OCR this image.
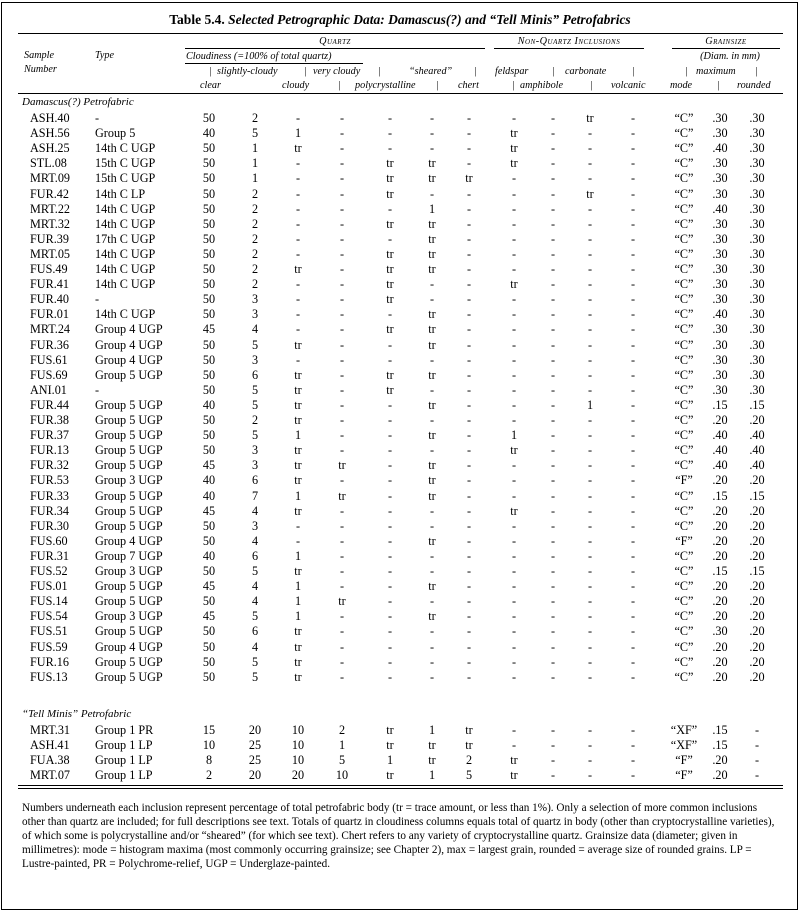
Table 5.4. Selected Petrographic Data: Damascus(?) and “Tell Minis” Petrofabrics
Sample
Number
Type
Quartz	Non-Quartz Inclusions	Grainsize
Cloudiness (=100% of total quartz)	(Diam. in mm)
| slightly-cloudy	| very cloudy |	“sheared” | feldspar | carbonate	|	| maximum |
clear	cloudy	| polycrystalline | chert	| amphibole	| volcanic mode | rounded
Damascus(?) Petrofabric
ASH.40	-	50	2	-	-	-	-	-	-	-	tr	-	“C”	.30	.30
ASH.56	Group 5	40	5	1	-	-	-	-	tr	-	-	-	“C”	.30	.30
ASH.25	14th C UGP	50	1	tr	-	-	-	-	tr	-	-	-	“C”	.40	.30
STL.08	15th C UGP	50	1	-	-	tr	tr	-	tr	-	-	-	“C”	.30	.30
MRT.09	15th C UGP	50	1	-	-	tr	tr	tr	-	-	-	-	“C”	.30	.30
FUR.42	14th C LP	50	2	-	-	tr	-	-	-	-	tr	-	“C”	.30	.30
MRT.22	14th C UGP	50	2	-	-	-	1	-	-	-	-	-	“C”	.40	.30
MRT.32	14th C UGP	50	2	-	-	tr	tr	-	-	-	-	-	“C”	.30	.30
FUR.39	17th C UGP	50	2	-	-	-	tr	-	-	-	-	-	“C”	.30	.30
MRT.05	14th C UGP	50	2	-	-	tr	tr	-	-	-	-	-	“C”	.30	.30
FUS.49	14th C UGP	50	2	tr	-	tr	tr	-	-	-	-	-	“C”	.30	.30
FUR.41	14th C UGP	50	2	-	-	tr	-	-	tr	-	-	-	“C”	.30	.30
FUR.40	-	50	3	-	-	tr	-	-	-	-	-	-	“C”	.30	.30
FUR.01	14th C UGP	50	3	-	-	-	tr	-	-	-	-	-	“C”	.40	.30
MRT.24	Group 4 UGP	45	4	-	-	tr	tr	-	-	-	-	-	“C”	.30	.30
FUR.36	Group 4 UGP	50	5	tr	-	-	tr	-	-	-	-	-	“C”	.30	.30
FUS.61	Group 4 UGP	50	3	-	-	-	-	-	-	-	-	-	“C”	.30	.30
FUS.69	Group 5 UGP	50	6	tr	-	tr	tr	-	-	-	-	-	“C”	.30	.30
ANI.01	-	50	5	tr	-	tr	-	-	-	-	-	-	“C”	.30	.30
FUR.44	Group 5 UGP	40	5	tr	-	-	tr	-	-	-	1	-	“C”	.15	.15
FUR.38	Group 5 UGP	50	2	tr	-	-	-	-	-	-	-	-	“C”	.20	.20
FUR.37	Group 5 UGP	50	5	1	-	-	tr	-	1	-	-	-	“C”	.40	.40
FUR.13	Group 5 UGP	50	3	tr	-	-	-	-	tr	-	-	-	“C”	.40	.40
FUR.32	Group 5 UGP	45	3	tr	tr	-	tr	-	-	-	-	-	“C”	.40	.40
FUR.53	Group 3 UGP	40	6	tr	-	-	tr	-	-	-	-	-	“F”	.20	.20
FUR.33	Group 5 UGP	40	7	1	tr	-	tr	-	-	-	-	-	“C”	.15	.15
FUR.34	Group 5 UGP	45	4	tr	-	-	-	-	tr	-	-	-	“C”	.20	.20
FUR.30	Group 5 UGP	50	3	-	-	-	-	-	-	-	-	-	“C”	.20	.20
FUS.60	Group 4 UGP	50	4	-	-	-	tr	-	-	-	-	-	“F”	.20	.20
FUR.31	Group 7 UGP	40	6	1	-	-	-	-	-	-	-	-	“C”	.20	.20
FUS.52	Group 3 UGP	50	5	tr	-	-	-	-	-	-	-	-	“C”	.15	.15
FUS.01	Group 5 UGP	45	4	1	-	-	tr	-	-	-	-	-	“C”	.20	.20
FUS.14	Group 5 UGP	50	4	1	tr	-	-	-	-	-	-	-	“C”	.20	.20
FUS.54	Group 3 UGP	45	5	1	-	-	tr	-	-	-	-	-	“C”	.20	.20
FUS.51	Group 5 UGP	50	6	tr	-	-	-	-	-	-	-	-	“C”	.30	.20
FUS.59	Group 4 UGP	50	4	tr	-	-	-	-	-	-	-	-	“C”	.20	.20
FUR.16	Group 5 UGP	50	5	tr	-	-	-	-	-	-	-	-	“C”	.20	.20
FUS.13	Group 5 UGP	50	5	tr	-	-	-	-	-	-	-	-	“C”	.20	.20
“Tell Minis” Petrofabric
MRT.31	Group 1 PR	15	20	10	2	tr	1	tr	-	-	-	-	“XF”	.15	-
ASH.41	Group 1 LP	10	25	10	1	tr	tr	tr	-	-	-	-	“XF”	.15	-
FUA.38	Group 1 LP	8	25	10	5	1	tr	2	tr	-	-	-	“F”	.20	-
MRT.07	Group 1 LP	2	20	20	10	tr	1	5	tr	-	-	-	“F”	.20	-
Numbers underneath each inclusion represent percentage of total petrofabric body (tr = trace amount, or less than 1%). Only a selection of more common inclusions other than quartz are included; for full descriptions see text. Totals of quartz in cloudiness columns equals total of quartz in body (other than cryptocrystalline varieties), of which some is polycrystalline and/or “sheared” (for which see text). Chert refers to any variety of cryptocrystalline quartz. Grainsize data (diameter; given in millimetres): mode = histogram maxima (most commonly occurring grainsize; see Chapter 2), max = largest grain, rounded = average size of rounded grains. LP = Lustre-painted, PR = Polychrome-relief, UGP = Underglaze-painted.
